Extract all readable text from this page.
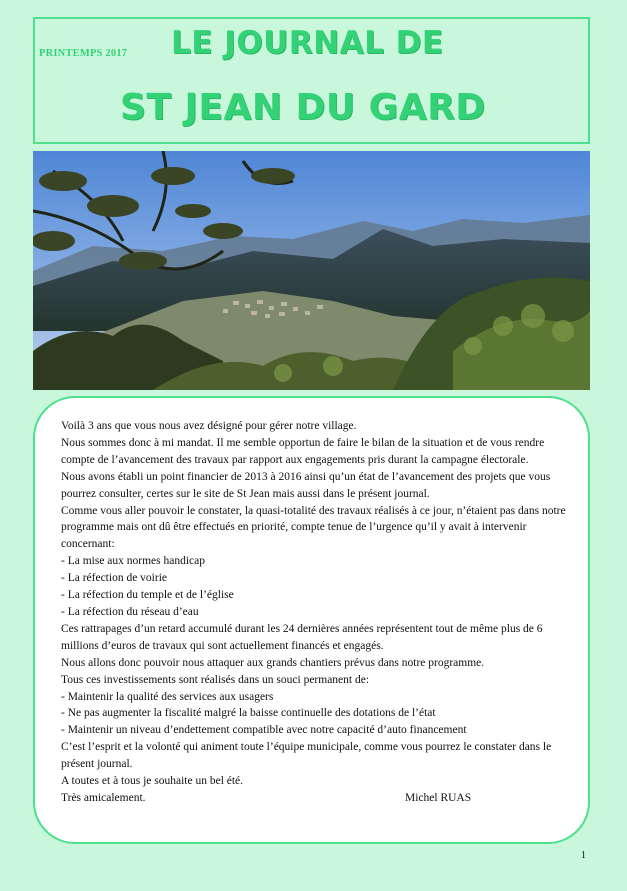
PRINTEMPS 2017 LE JOURNAL DE
ST JEAN DU GARD

Voilà 3 ans que vous nous avez désigné pour gérer notre village.

Nous sommes donc à mi mandat. Il me semble opportun de faire le bilan de la situation et de vous rendre compte de l’avancement des travaux par rapport aux engagements pris durant la campagne électorale.

Nous avons établi un point financier de 2013 à 2016 ainsi qu’un état de l’avancement des projets que vous pourrez consulter, certes sur le site de St Jean mais aussi dans le présent journal.

Comme vous aller pouvoir le constater, la quasi-totalité des travaux réalisés à ce jour, n’étaient pas dans notre programme mais ont dû être effectués en priorité, compte tenue de l’urgence qu’il y avait à intervenir concernant:

- La mise aux normes handicap

- La réfection de voirie

- La réfection du temple et de l’église

- La réfection du réseau d’eau

Ces rattrapages d’un retard accumulé durant les 24 dernières années représentent tout de même plus de 6 millions d’euros de travaux qui sont actuellement financés et engagés.

Nous allons donc pouvoir nous attaquer aux grands chantiers prévus dans notre programme.

Tous ces investissements sont réalisés dans un souci permanent de:

- Maintenir la qualité des services aux usagers

- Ne pas augmenter la fiscalité malgré la baisse continuelle des dotations de l’état

- Maintenir un niveau d’endettement compatible avec notre capacité d’auto financement

C’est l’esprit et la volonté qui animent toute l’équipe municipale, comme vous pourrez le constater dans le présent journal.

A toutes et à tous je souhaite un bel été.

Très amicalement.	Michel RUAS
1
